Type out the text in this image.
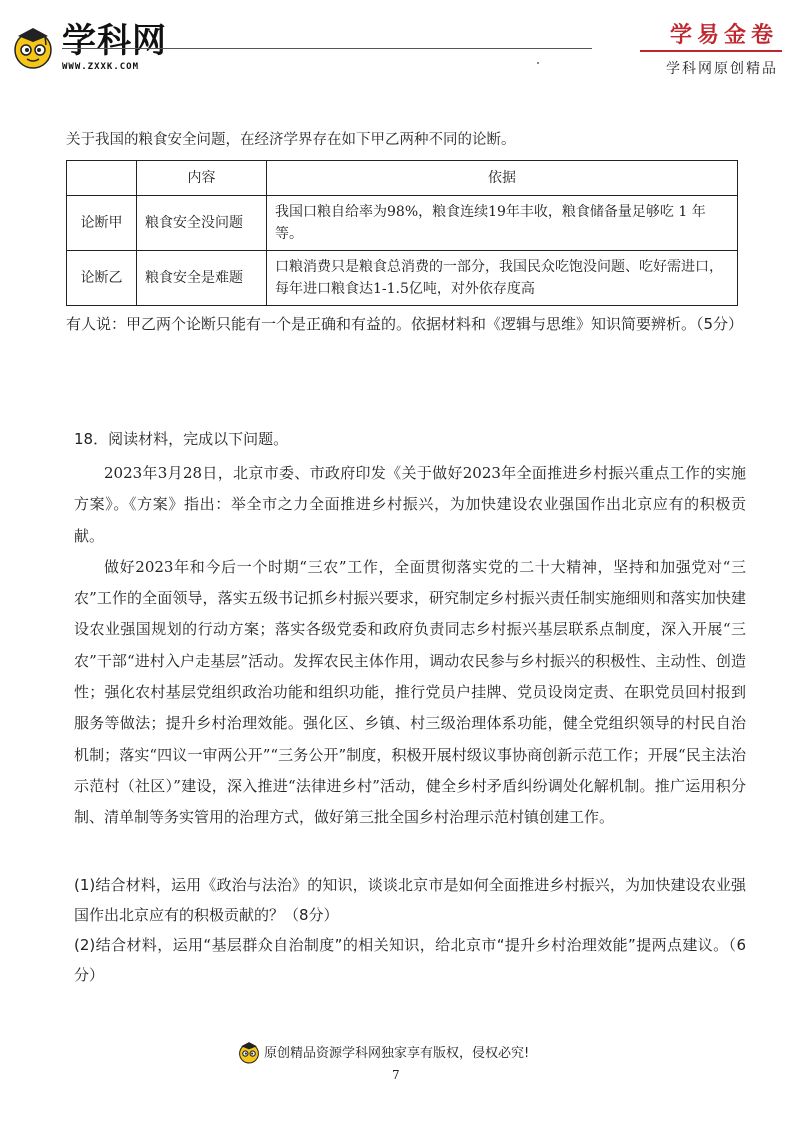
学科网
WWW.ZXXK.COM
学易金卷
学科网原创精品

关于我国的粮食安全问题，在经济学界存在如下甲乙两种不同的论断。

	内容	依据
论断甲	粮食安全没问题	我国口粮自给率为98%，粮食连续19年丰收，粮食储备量足够吃 1 年等。
论断乙	粮食安全是难题	口粮消费只是粮食总消费的一部分，我国民众吃饱没问题、吃好需进口，每年进口粮食达1-1.5亿吨，对外依存度高

有人说：甲乙两个论断只能有一个是正确和有益的。依据材料和《逻辑与思维》知识简要辨析。（5分）

18．阅读材料，完成以下问题。

2023年3月28日，北京市委、市政府印发《关于做好2023年全面推进乡村振兴重点工作的实施方案》。《方案》指出：举全市之力全面推进乡村振兴，为加快建设农业强国作出北京应有的积极贡献。

做好2023年和今后一个时期“三农”工作，全面贯彻落实党的二十大精神，坚持和加强党对“三农”工作的全面领导，落实五级书记抓乡村振兴要求，研究制定乡村振兴责任制实施细则和落实加快建设农业强国规划的行动方案；落实各级党委和政府负责同志乡村振兴基层联系点制度，深入开展“三农”干部“进村入户走基层”活动。发挥农民主体作用，调动农民参与乡村振兴的积极性、主动性、创造性；强化农村基层党组织政治功能和组织功能，推行党员户挂牌、党员设岗定责、在职党员回村报到服务等做法；提升乡村治理效能。强化区、乡镇、村三级治理体系功能，健全党组织领导的村民自治机制；落实“四议一审两公开”“三务公开”制度，积极开展村级议事协商创新示范工作；开展“民主法治示范村（社区）”建设，深入推进“法律进乡村”活动，健全乡村矛盾纠纷调处化解机制。推广运用积分制、清单制等务实管用的治理方式，做好第三批全国乡村治理示范村镇创建工作。

(1)结合材料，运用《政治与法治》的知识，谈谈北京市是如何全面推进乡村振兴，为加快建设农业强国作出北京应有的积极贡献的？（8分）
(2)结合材料，运用“基层群众自治制度”的相关知识，给北京市“提升乡村治理效能”提两点建议。（6分）
原创精品资源学科网独家享有版权，侵权必究!
7
